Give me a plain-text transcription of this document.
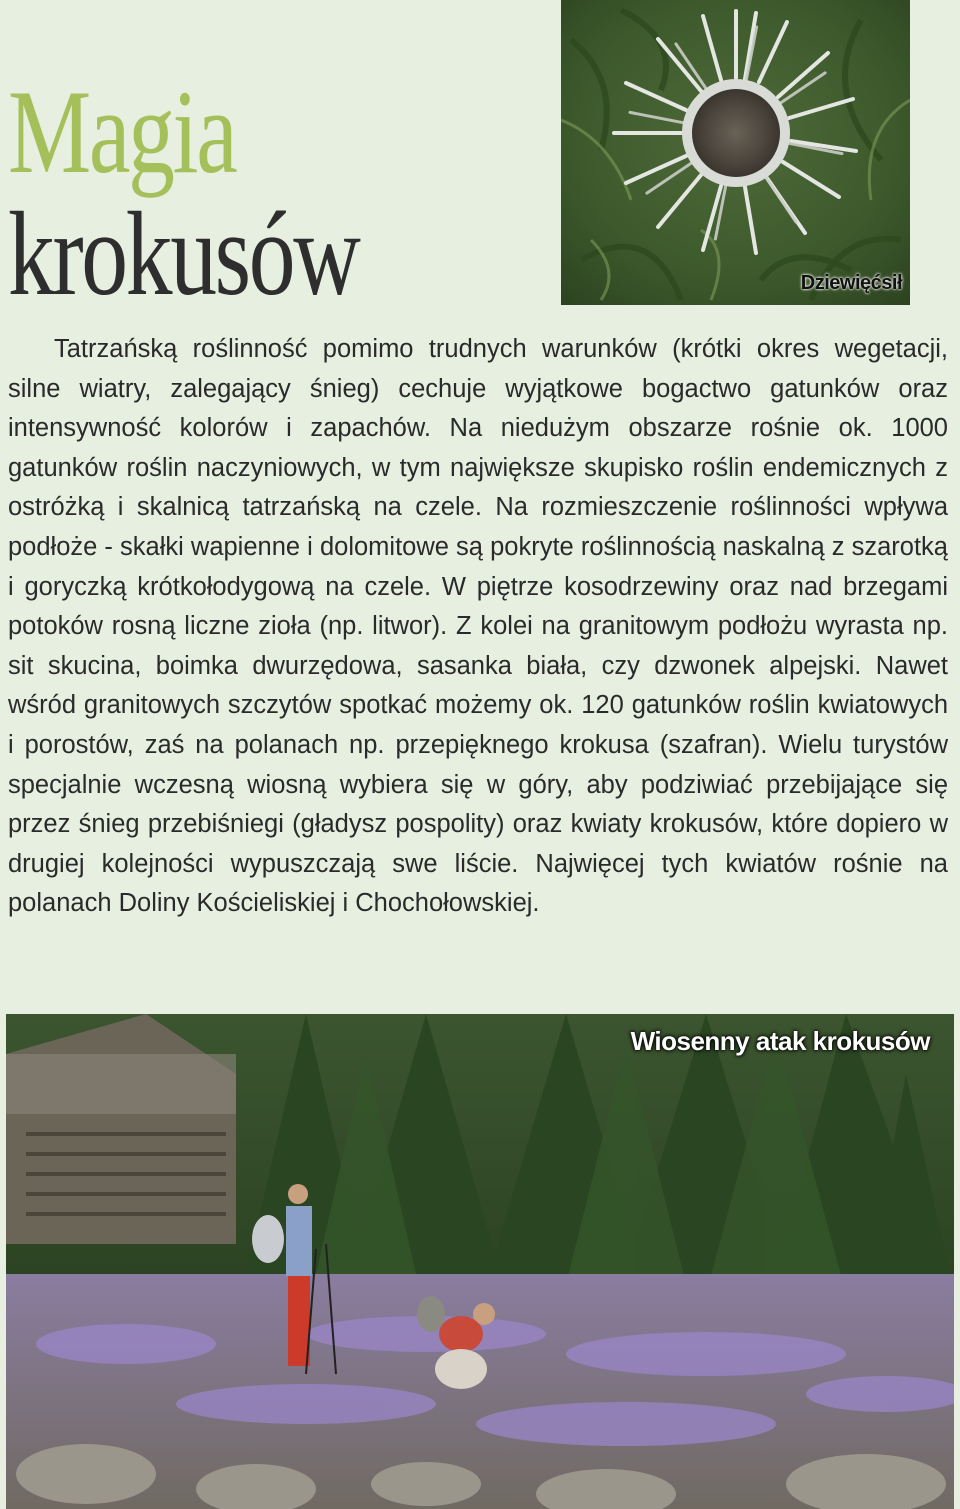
Magia
krokusów	Dziewięćsił

Tatrzańską roślinność pomimo trudnych warunków (krótki okres wegetacji, silne wiatry, zalegający śnieg) cechuje wyjątkowe bogactwo gatunków oraz intensywność kolorów i zapachów. Na niedużym obszarze rośnie ok. 1000 gatunków roślin naczyniowych, w tym największe skupisko roślin endemicznych z ostróżką i skalnicą tatrzańską na czele. Na rozmieszczenie roślinności wpływa podłoże - skałki wapienne i dolomitowe są pokryte roślinnością naskalną z szarotką i goryczką krótkołodygową na czele. W piętrze kosodrzewiny oraz nad brzegami potoków rosną liczne zioła (np. litwor). Z kolei na granitowym podłożu wyrasta np. sit skucina, boimka dwurzędowa, sasanka biała, czy dzwonek alpejski. Nawet wśród granitowych szczytów spotkać możemy ok. 120 gatunków roślin kwiatowych i porostów, zaś na polanach np. przepięknego krokusa (szafran). Wielu turystów specjalnie wczesną wiosną wybiera się w góry, aby podziwiać przebijające się przez śnieg przebiśniegi (gładysz pospolity) oraz kwiaty krokusów, które dopiero w drugiej kolejności wypuszczają swe liście. Najwięcej tych kwiatów rośnie na polanach Doliny Kościeliskiej i Chochołowskiej.

Wiosenny atak krokusów
